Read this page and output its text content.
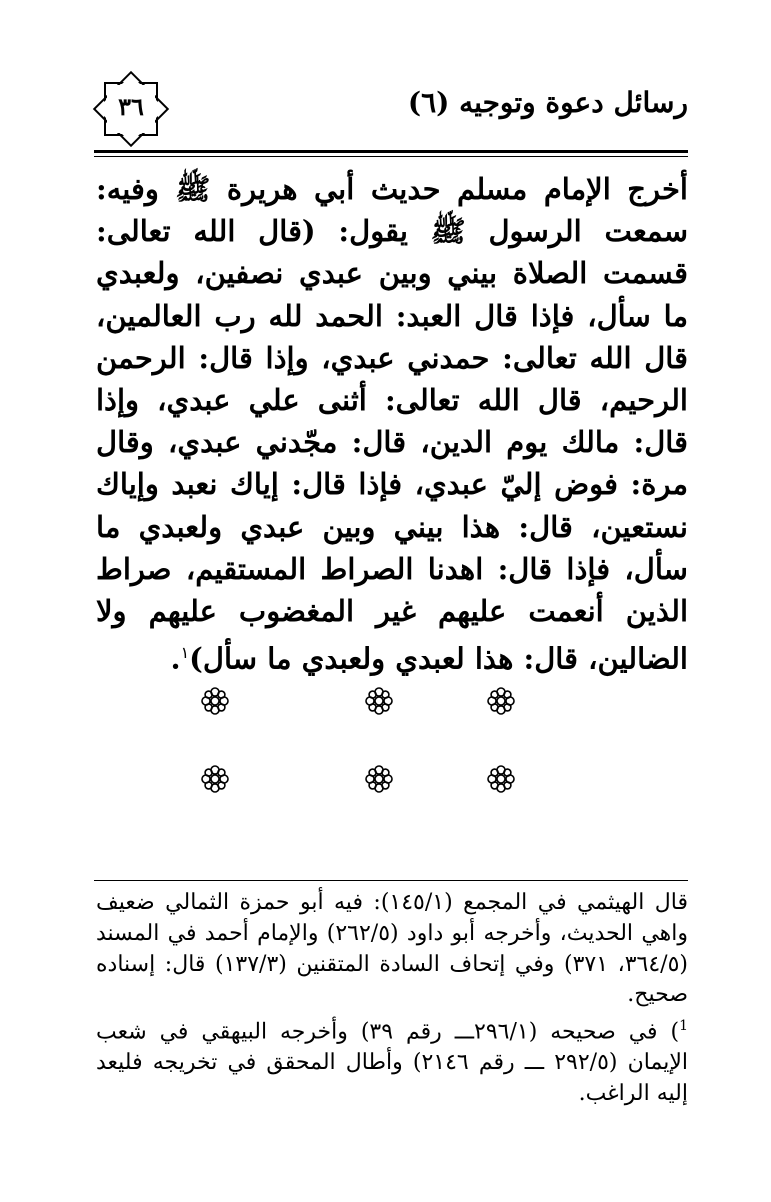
٣٦	رسائل دعوة وتوجيه (٦)
أخرج الإمام مسلم حديث أبي هريرة ﷺ وفيه: سمعت الرسول ﷺ يقول: (قال الله تعالى: قسمت الصلاة بيني وبين عبدي نصفين، ولعبدي ما سأل، فإذا قال العبد: الحمد لله رب العالمين، قال الله تعالى: حمدني عبدي، وإذا قال: الرحمن الرحيم، قال الله تعالى: أثنى علي عبدي، وإذا قال: مالك يوم الدين، قال: مجّدني عبدي، وقال مرة: فوض إليّ عبدي، فإذا قال: إياك نعبد وإياك نستعين، قال: هذا بيني وبين عبدي ولعبدي ما سأل، فإذا قال: اهدنا الصراط المستقيم، صراط الذين أنعمت عليهم غير المغضوب عليهم ولا الضالين، قال: هذا لعبدي ولعبدي ما سأل)$^١$.

قال الهيثمي في المجمع (١٤٥/١): فيه أبو حمزة الثمالي ضعيف واهي الحديث، وأخرجه أبو داود (٢٦٢/٥) والإمام أحمد في المسند (٣٦٤/٥، ٣٧١) وفي إتحاف السادة المتقنين (١٣٧/٣) قال: إسناده صحيح.

$^1$) في صحيحه (٢٩٦/١ـــ رقم ٣٩) وأخرجه البيهقي في شعب الإيمان (٢٩٢/٥ ـــ رقم ٢١٤٦) وأطال المحقق في تخريجه فليعد إليه الراغب.
